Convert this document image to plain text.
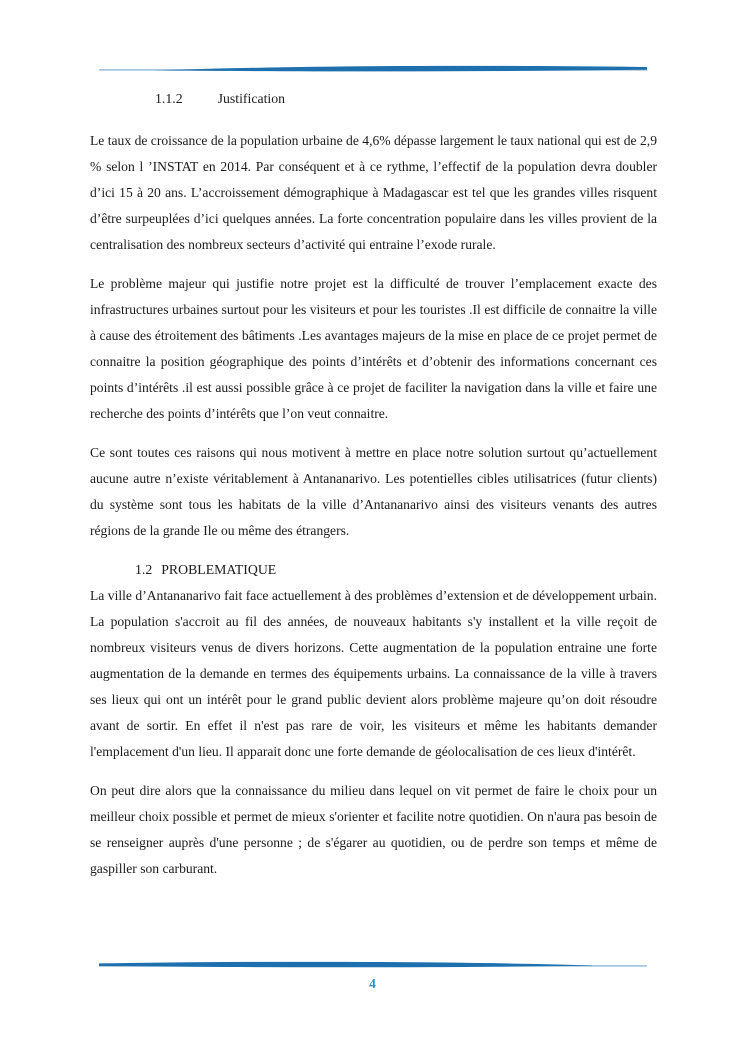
1.1.2	Justification

Le taux de croissance de la population urbaine de 4,6% dépasse largement le taux national qui est de 2,9 % selon l ’INSTAT en 2014. Par conséquent et à ce rythme, l’effectif de la population devra doubler d’ici 15 à 20 ans. L’accroissement démographique à Madagascar est tel que les grandes villes risquent d’être surpeuplées d’ici quelques années. La forte concentration populaire dans les villes provient de la centralisation des nombreux secteurs d’activité qui entraine l’exode rurale.

Le problème majeur qui justifie notre projet est la difficulté de trouver l’emplacement exacte des infrastructures urbaines surtout pour les visiteurs et pour les touristes .Il est difficile de connaitre la ville à cause des étroitement des bâtiments .Les avantages majeurs de la mise en place de ce projet permet de connaitre la position géographique des points d’intérêts et d’obtenir des informations concernant ces points d’intérêts .il est aussi possible grâce à ce projet de faciliter la navigation dans la ville et faire une recherche des points d’intérêts que l’on veut connaitre.

Ce sont toutes ces raisons qui nous motivent à mettre en place notre solution surtout qu’actuellement aucune autre n’existe véritablement à Antananarivo. Les potentielles cibles utilisatrices (futur clients) du système sont tous les habitats de la ville d’Antananarivo ainsi des visiteurs venants des autres régions de la grande Ile ou même des étrangers.

1.2 PROBLEMATIQUE

La ville d’Antananarivo fait face actuellement à des problèmes d’extension et de développement urbain. La population s'accroit au fil des années, de nouveaux habitants s'y installent et la ville reçoit de nombreux visiteurs venus de divers horizons. Cette augmentation de la population entraine une forte augmentation de la demande en termes des équipements urbains. La connaissance de la ville à travers ses lieux qui ont un intérêt pour le grand public devient alors problème majeure qu’on doit résoudre avant de sortir. En effet il n'est pas rare de voir, les visiteurs et même les habitants demander l'emplacement d'un lieu. Il apparait donc une forte demande de géolocalisation de ces lieux d'intérêt.

On peut dire alors que la connaissance du milieu dans lequel on vit permet de faire le choix pour un meilleur choix possible et permet de mieux s'orienter et facilite notre quotidien. On n'aura pas besoin de se renseigner auprès d'une personne ; de s'égarer au quotidien, ou de perdre son temps et même de gaspiller son carburant.

4
